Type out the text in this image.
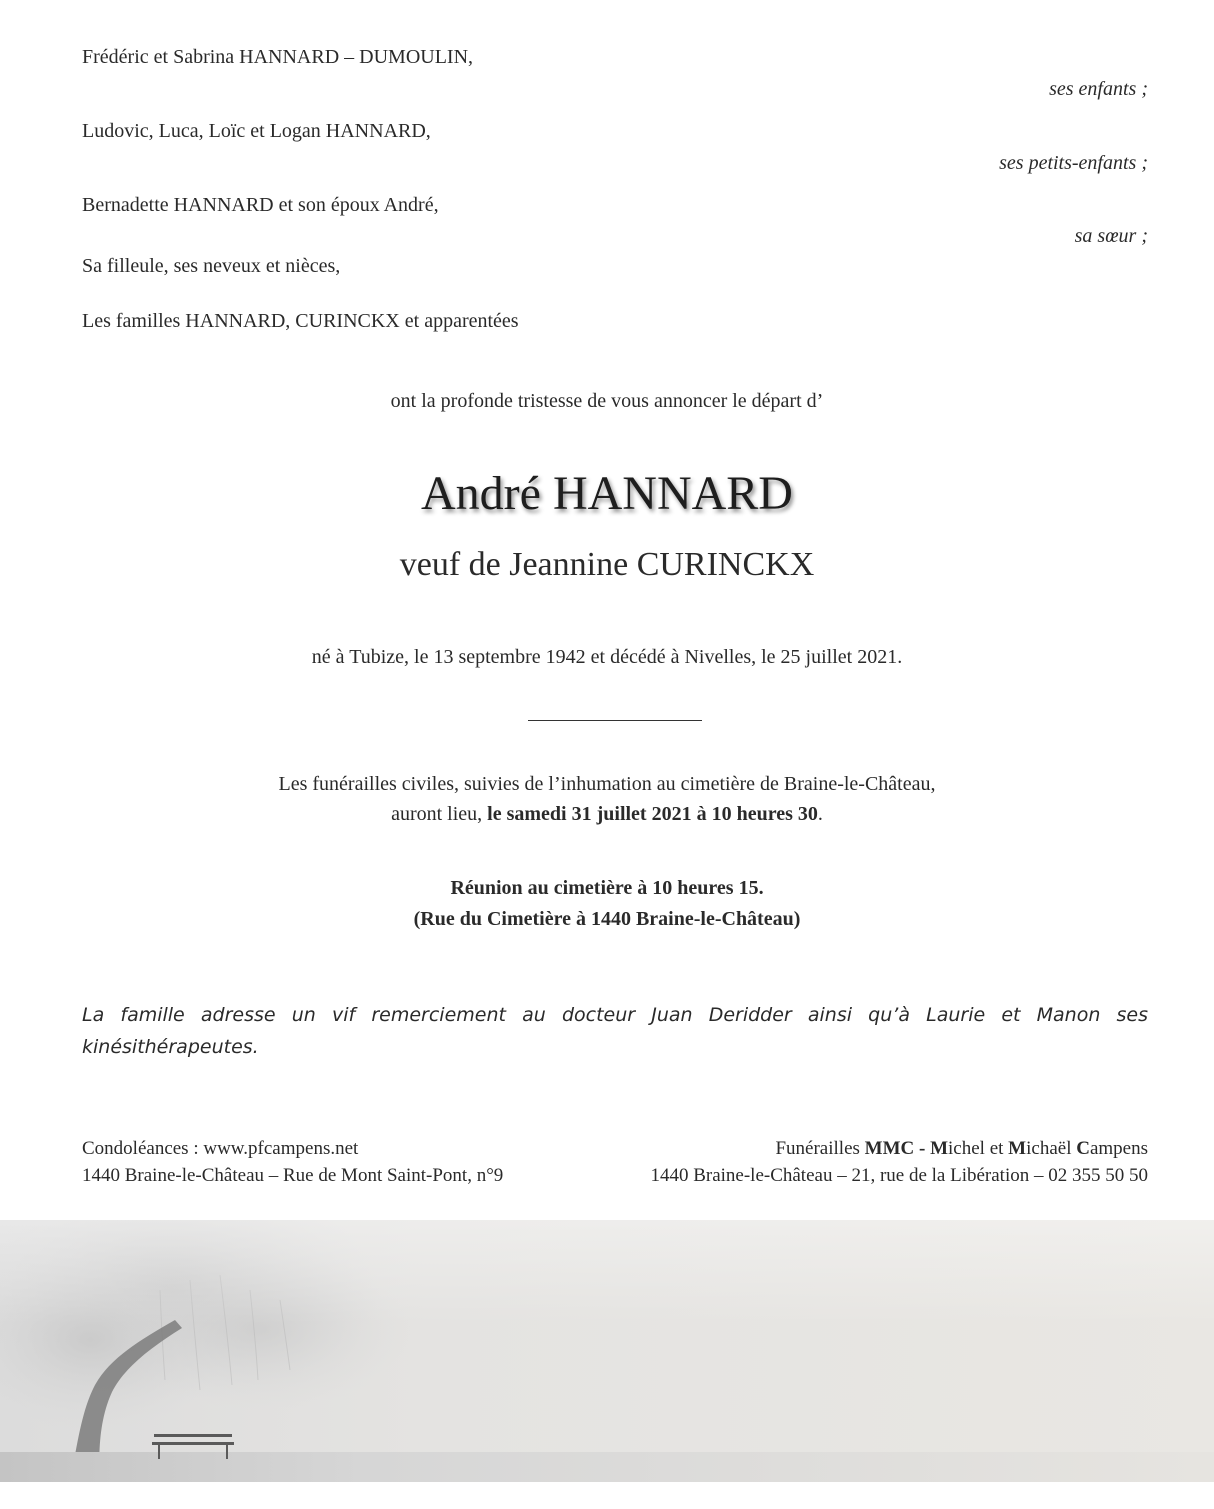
Frédéric et Sabrina HANNARD – DUMOULIN,
ses enfants ;
Ludovic, Luca, Loïc et Logan HANNARD,
ses petits-enfants ;
Bernadette HANNARD et son époux André,
sa sœur ;
Sa filleule, ses neveux et nièces,
Les familles HANNARD, CURINCKX et apparentées
ont la profonde tristesse de vous annoncer le départ d’
André HANNARD
veuf de Jeannine CURINCKX
né à Tubize, le 13 septembre 1942 et décédé à Nivelles, le 25 juillet 2021.
Les funérailles civiles, suivies de l’inhumation au cimetière de Braine-le-Château,
auront lieu, le samedi 31 juillet 2021 à 10 heures 30.
Réunion au cimetière à 10 heures 15.
(Rue du Cimetière à 1440 Braine-le-Château)
La famille adresse un vif remerciement au docteur Juan Deridder ainsi qu’à Laurie et Manon ses kinésithérapeutes.
Condoléances : www.pfcampens.net
1440 Braine-le-Château – Rue de Mont Saint-Pont, n°9
Funérailles MMC - Michel et Michaël Campens
1440 Braine-le-Château – 21, rue de la Libération – 02 355 50 50
